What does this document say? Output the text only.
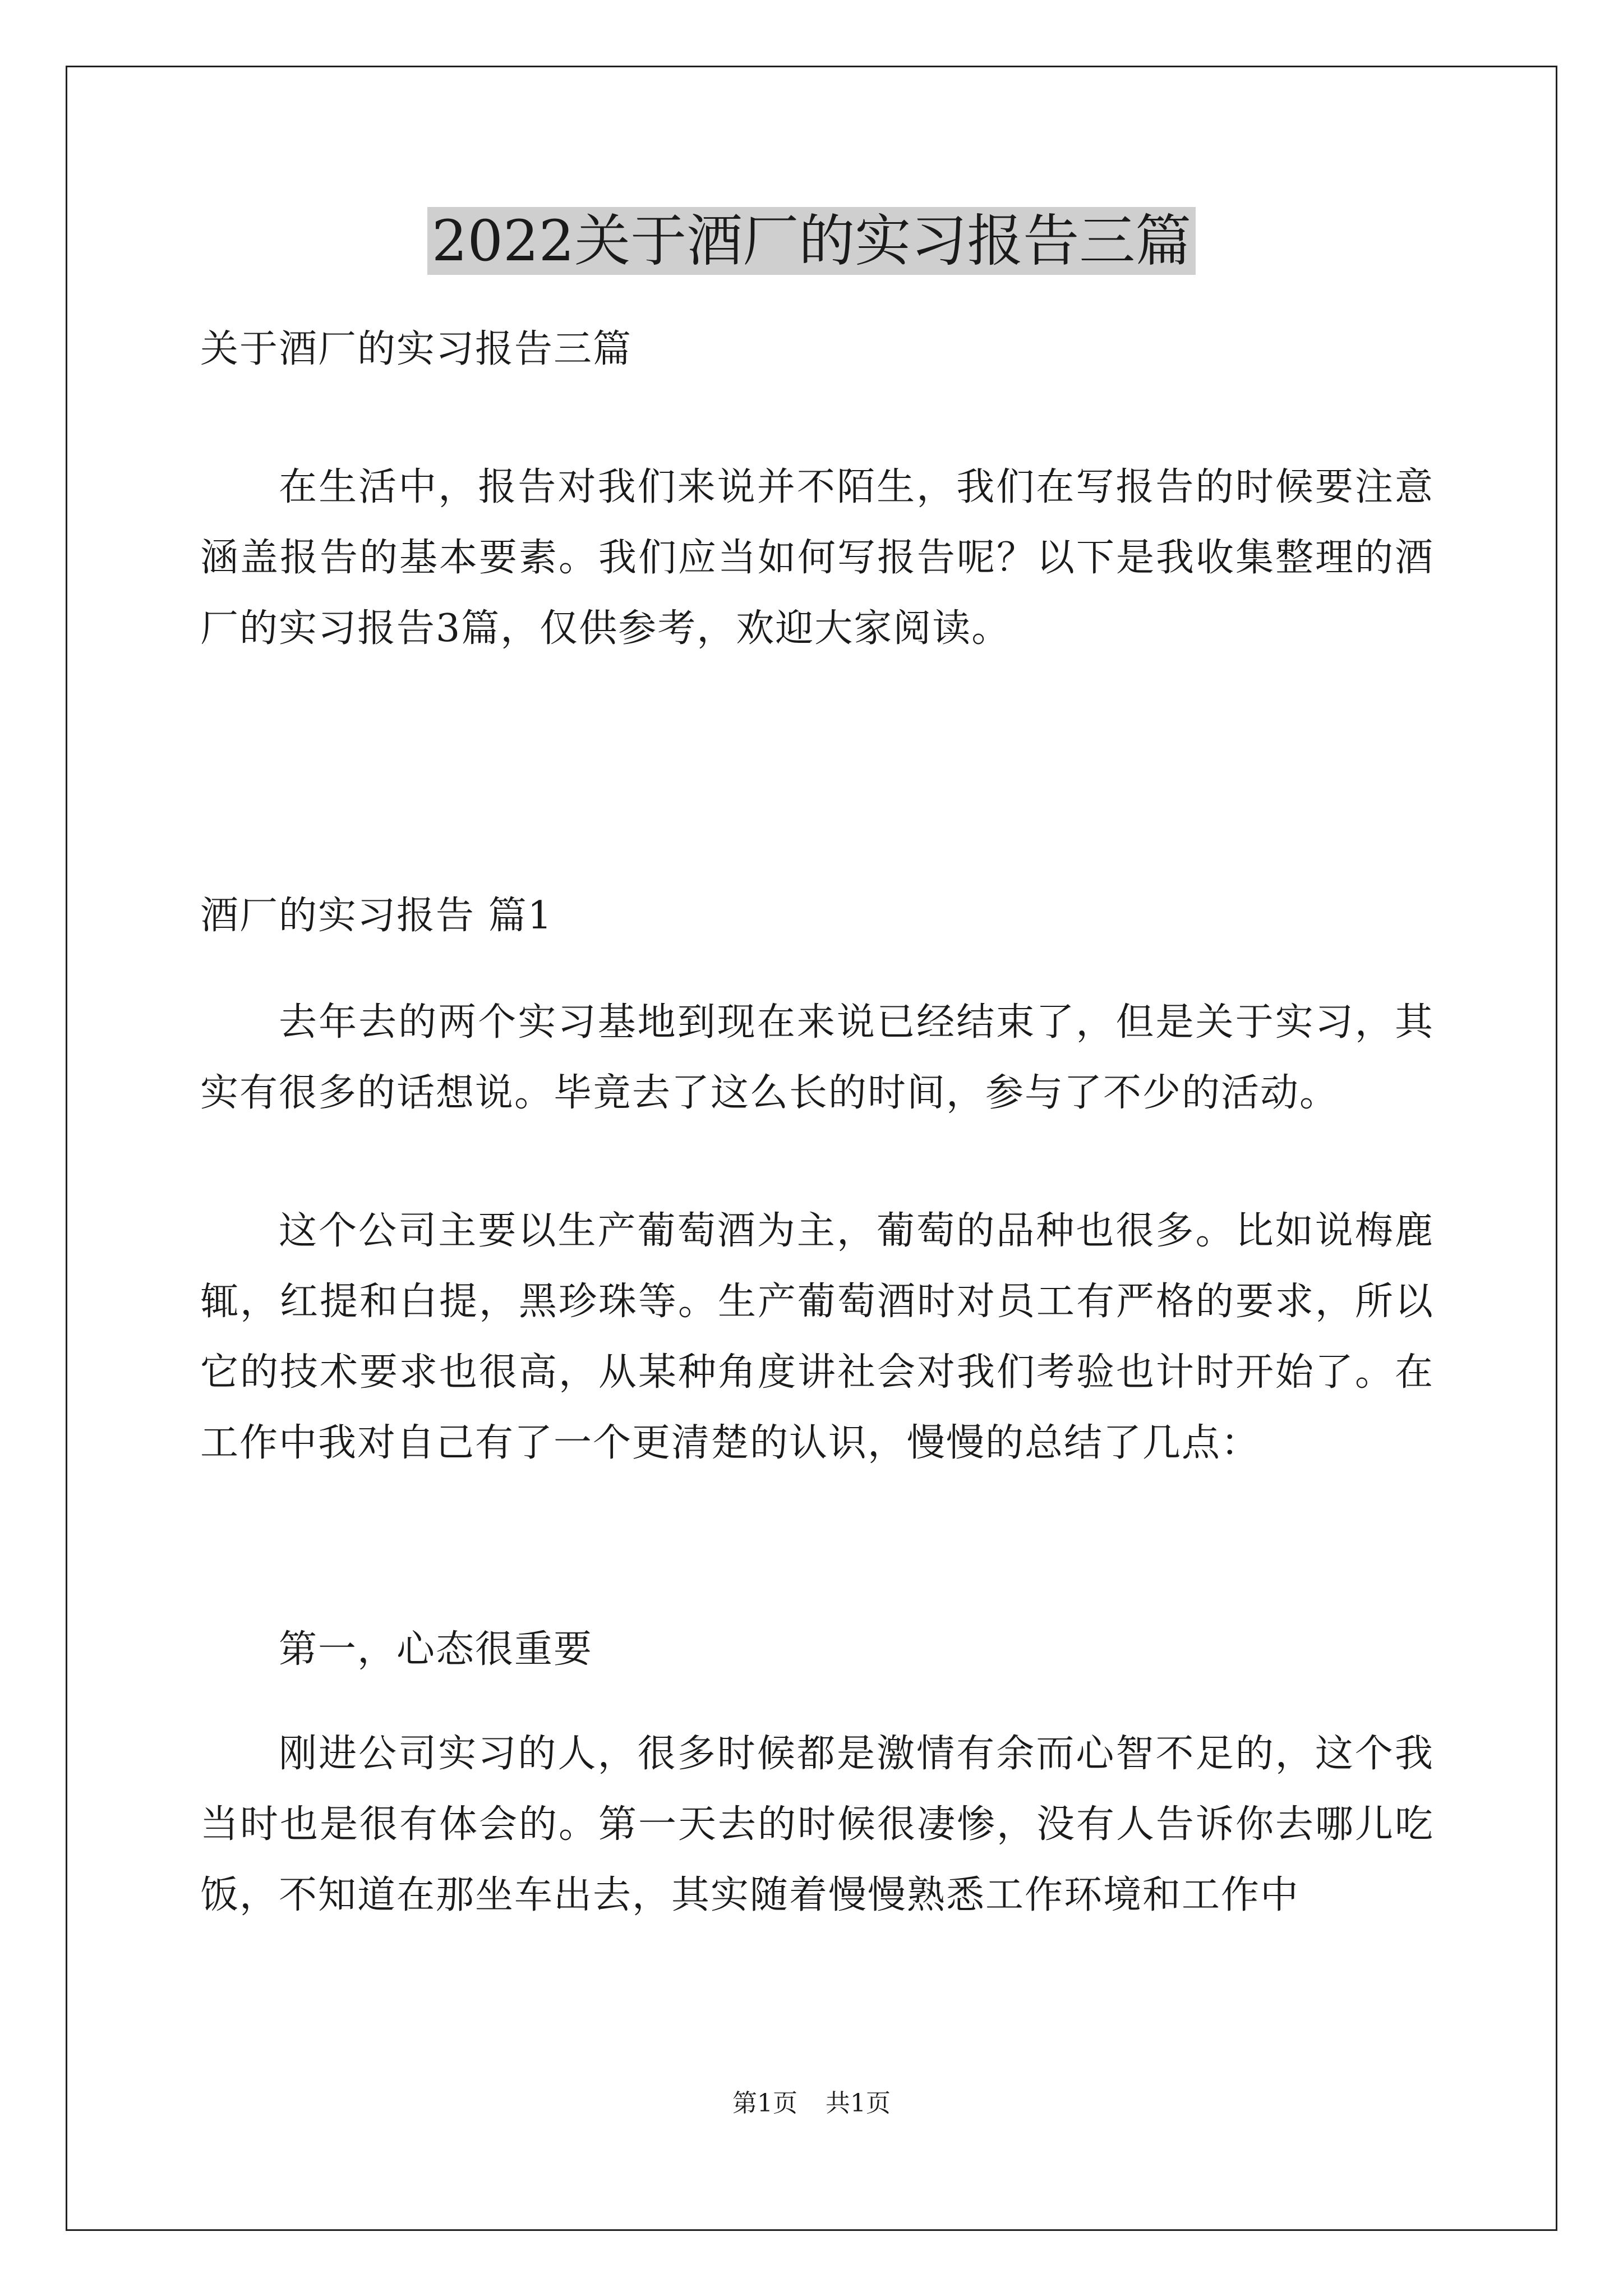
2022关于酒厂的实习报告三篇

关于酒厂的实习报告三篇

在生活中，报告对我们来说并不陌生，我们在写报告的时候要注意涵盖报告的基本要素。我们应当如何写报告呢？以下是我收集整理的酒厂的实习报告3篇，仅供参考，欢迎大家阅读。

酒厂的实习报告 篇1

去年去的两个实习基地到现在来说已经结束了，但是关于实习，其实有很多的话想说。毕竟去了这么长的时间，参与了不少的活动。

这个公司主要以生产葡萄酒为主，葡萄的品种也很多。比如说梅鹿辄，红提和白提，黑珍珠等。生产葡萄酒时对员工有严格的要求，所以它的技术要求也很高，从某种角度讲社会对我们考验也计时开始了。在工作中我对自己有了一个更清楚的认识，慢慢的总结了几点：

第一，心态很重要

刚进公司实习的人，很多时候都是激情有余而心智不足的，这个我当时也是很有体会的。第一天去的时候很凄惨，没有人告诉你去哪儿吃饭，不知道在那坐车出去，其实随着慢慢熟悉工作环境和工作中

第1页 共1页
